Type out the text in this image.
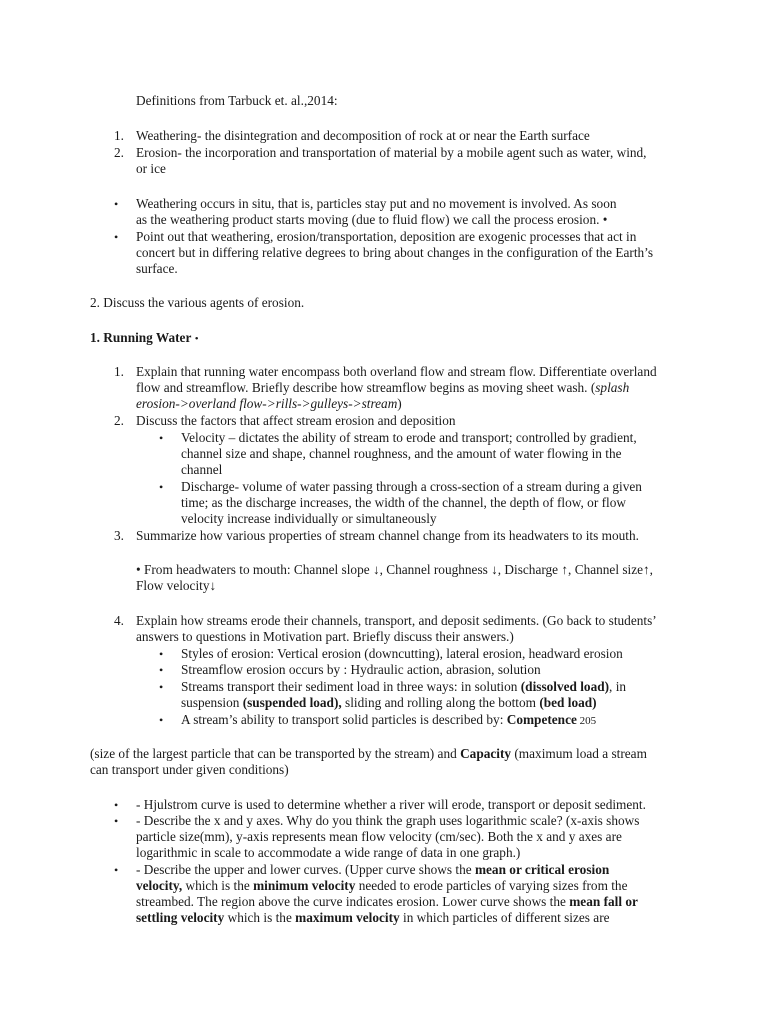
Definitions from Tarbuck et. al.,2014:
1. Weathering- the disintegration and decomposition of rock at or near the Earth surface
2. Erosion- the incorporation and transportation of material by a mobile agent such as water, wind,
or ice
• Weathering occurs in situ, that is, particles stay put and no movement is involved. As soon
as the weathering product starts moving (due to fluid flow) we call the process erosion. •
• Point out that weathering, erosion/transportation, deposition are exogenic processes that act in
concert but in differing relative degrees to bring about changes in the configuration of the Earth’s
surface.
2. Discuss the various agents of erosion.
1. Running Water •
1. Explain that running water encompass both overland flow and stream flow. Differentiate overland
flow and streamflow. Briefly describe how streamflow begins as moving sheet wash. (splash
erosion->overland flow->rills->gulleys->stream)
2. Discuss the factors that affect stream erosion and deposition
• Velocity – dictates the ability of stream to erode and transport; controlled by gradient,
channel size and shape, channel roughness, and the amount of water flowing in the
channel
• Discharge- volume of water passing through a cross-section of a stream during a given
time; as the discharge increases, the width of the channel, the depth of flow, or flow
velocity increase individually or simultaneously
3. Summarize how various properties of stream channel change from its headwaters to its mouth.
• From headwaters to mouth: Channel slope ↓, Channel roughness ↓, Discharge ↑, Channel size↑,
Flow velocity↓
4. Explain how streams erode their channels, transport, and deposit sediments. (Go back to students’
answers to questions in Motivation part. Briefly discuss their answers.)
• Styles of erosion: Vertical erosion (downcutting), lateral erosion, headward erosion
• Streamflow erosion occurs by : Hydraulic action, abrasion, solution
• Streams transport their sediment load in three ways: in solution (dissolved load), in
suspension (suspended load), sliding and rolling along the bottom (bed load)
• A stream’s ability to transport solid particles is described by: Competence 205
(size of the largest particle that can be transported by the stream) and Capacity (maximum load a stream
can transport under given conditions)
• - Hjulstrom curve is used to determine whether a river will erode, transport or deposit sediment.
• - Describe the x and y axes. Why do you think the graph uses logarithmic scale? (x-axis shows
particle size(mm), y-axis represents mean flow velocity (cm/sec). Both the x and y axes are
logarithmic in scale to accommodate a wide range of data in one graph.)
• - Describe the upper and lower curves. (Upper curve shows the mean or critical erosion
velocity, which is the minimum velocity needed to erode particles of varying sizes from the
streambed. The region above the curve indicates erosion. Lower curve shows the mean fall or
settling velocity which is the maximum velocity in which particles of different sizes are
